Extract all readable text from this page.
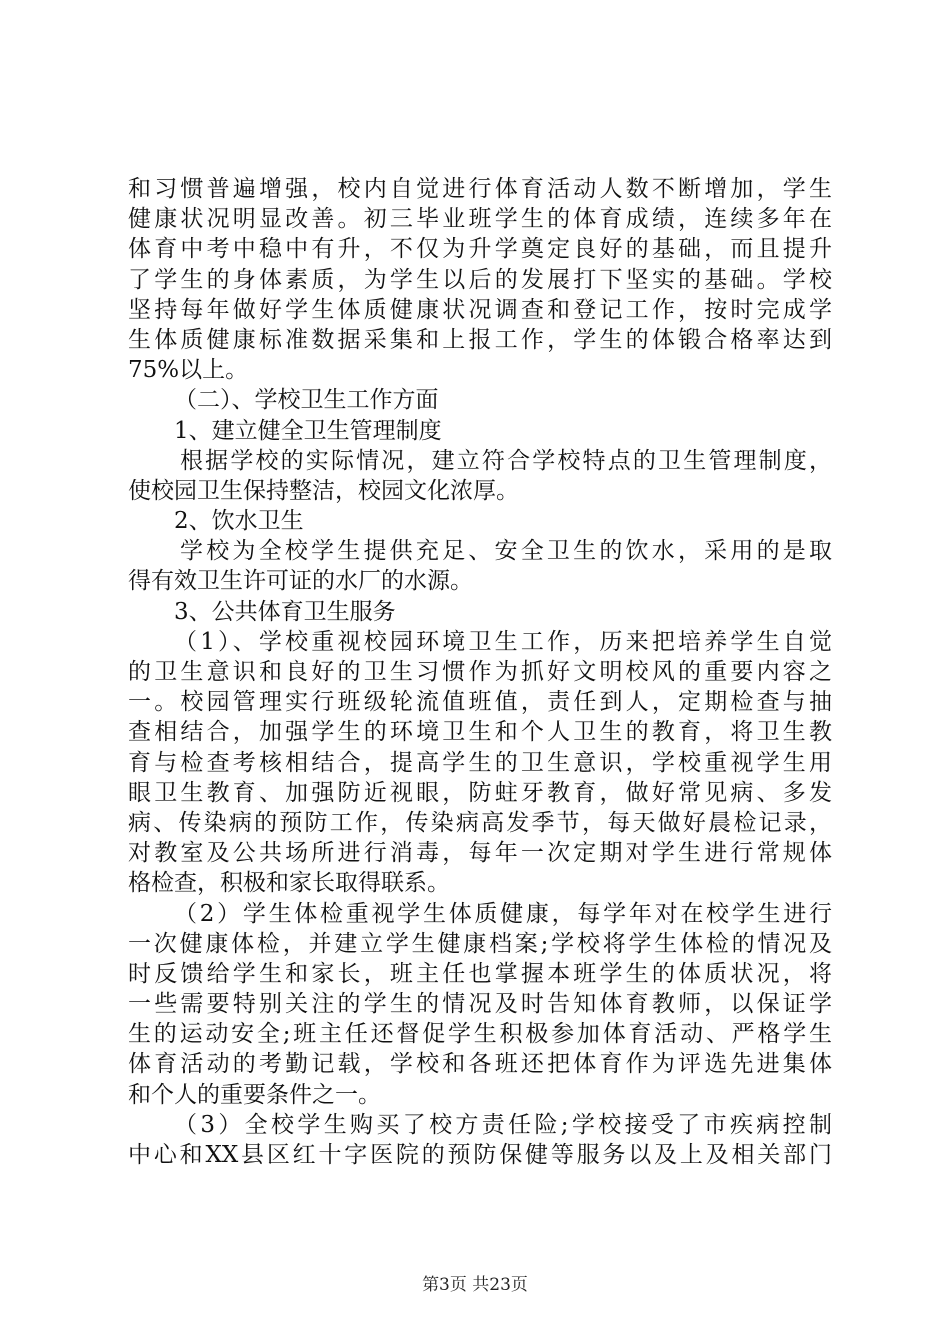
和习惯普遍增强，校内自觉进行体育活动人数不断增加，学生
健康状况明显改善。初三毕业班学生的体育成绩，连续多年在
体育中考中稳中有升，不仅为升学奠定良好的基础，而且提升
了学生的身体素质，为学生以后的发展打下坚实的基础。学校
坚持每年做好学生体质健康状况调查和登记工作，按时完成学
生体质健康标准数据采集和上报工作，学生的体锻合格率达到
75%以上。
（二）、学校卫生工作方面
1、建立健全卫生管理制度
根据学校的实际情况，建立符合学校特点的卫生管理制度，
使校园卫生保持整洁，校园文化浓厚。
2、饮水卫生
学校为全校学生提供充足、安全卫生的饮水，采用的是取
得有效卫生许可证的水厂的水源。
3、公共体育卫生服务
（1）、学校重视校园环境卫生工作，历来把培养学生自觉
的卫生意识和良好的卫生习惯作为抓好文明校风的重要内容之
一。校园管理实行班级轮流值班值，责任到人，定期检查与抽
查相结合，加强学生的环境卫生和个人卫生的教育，将卫生教
育与检查考核相结合，提高学生的卫生意识，学校重视学生用
眼卫生教育、加强防近视眼，防蛀牙教育，做好常见病、多发
病、传染病的预防工作，传染病高发季节，每天做好晨检记录，
对教室及公共场所进行消毒，每年一次定期对学生进行常规体
格检查，积极和家长取得联系。
（2）学生体检重视学生体质健康，每学年对在校学生进行
一次健康体检，并建立学生健康档案;学校将学生体检的情况及
时反馈给学生和家长，班主任也掌握本班学生的体质状况，将
一些需要特别关注的学生的情况及时告知体育教师，以保证学
生的运动安全;班主任还督促学生积极参加体育活动、严格学生
体育活动的考勤记载，学校和各班还把体育作为评选先进集体
和个人的重要条件之一。
（3）全校学生购买了校方责任险;学校接受了市疾病控制
中心和XX县区红十字医院的预防保健等服务以及上及相关部门
第3页 共23页
